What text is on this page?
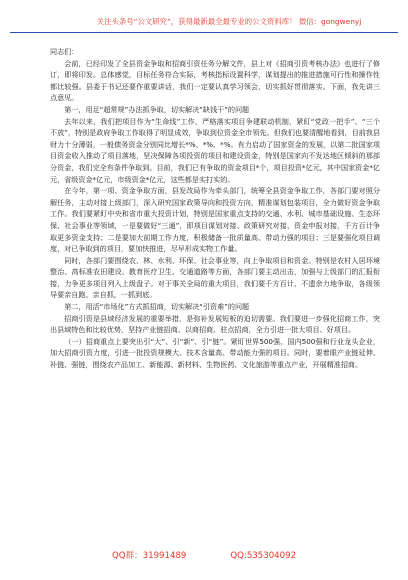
关注头条号“公文研究”，获得最新最全最专业的公文资料库！ 微信：gongwenyj

同志们：

会前，已经印发了全县资金争取和招商引资任务分解文件，县上对《招商引资考核办法》也进行了修订，即将印发。总体感觉，目标任务符合实际，考核指标设置科学，谋划提出的推进措施可行性和操作性都比较强。县委于书记还要作重要讲话，我们一定要认真学习领会，切实抓好贯彻落实。下面，我先讲三点意见。

第一，用足“超常规”办法抓争取，切实解决“缺钱干”的问题

去年以来，我们把项目作为“生命线”工作，严格落实项目争建联动机制，紧盯“党政一把手”、“三个不放”，特别是政府争取工作取得了明显成效，争取到位资金全市领先。但我们也要清醒地看到，目前我县财力十分薄弱，一般债务资金分别同比增长*%、*%、*%。有力启动了国家资金的发展，以第二批国家项目资金收入推动了项目落地，坚决保障各项投资的项目和建设资金，特别是国家向不发达地区倾斜的那部分资金，我们完全有条件争取到。目前，我们已有争取的资金项目*个，项目投资*亿元，其中国家资金*亿元，省级资金*亿元，市级资金*亿元，这些都是实打实的。

在今年，第一项、资金争取方面，县发改局作为牵头部门，统筹全县资金争取工作，各部门要对照分解任务，主动对接上级部门，深入研究国家政策导向和投资方向，精准谋划包装项目，全力做好资金争取工作。我们要紧盯中央和省市重大投资计划，特别是国家重点支持的交通、水利、城市基础设施、生态环保、社会事业等领域，一是要做好“三通”，即项目谋划对接、政策研究对接、资金申报对接，千方百计争取更多资金支持；二是要加大前期工作力度，积极储备一批质量高、带动力强的项目；三是要强化项目调度，对已争取到的项目，要加快推进，尽早形成实物工作量。

同时，各部门要围绕农、林、水利、环保、社会事业等，向上争取项目和资金。特别是农村人居环境整治、高标准农田建设、教育医疗卫生、交通道路等方面，各部门要主动出击，加强与上级部门的汇报衔接，力争更多项目列入上级盘子。对于事关全局的重大项目，我们要千方百计、不遗余力地争取，各级领导要亲自跑、亲自抓，一抓到底。

第二，用活“市场化”方式抓招商，切实解决“引资难”的问题

招商引资是县域经济发展的重要举措，是弥补发展短板的迫切需要。我们要进一步强化招商工作，突出县域特色和比较优势，坚持产业链招商、以商招商、驻点招商，全力引进一批大项目、好项目。

（一）招商重点上要突出引“大”、引“新”、引“链”。紧盯世界500强、国内500强和行业龙头企业，加大招商引资力度，引进一批投资规模大、技术含量高、带动能力强的项目。同时，要着眼产业链延伸、补链、强链，围绕农产品加工、新能源、新材料、生物医药、文化旅游等重点产业，开展精准招商。

QQ群：31991489	QQ:535304092
